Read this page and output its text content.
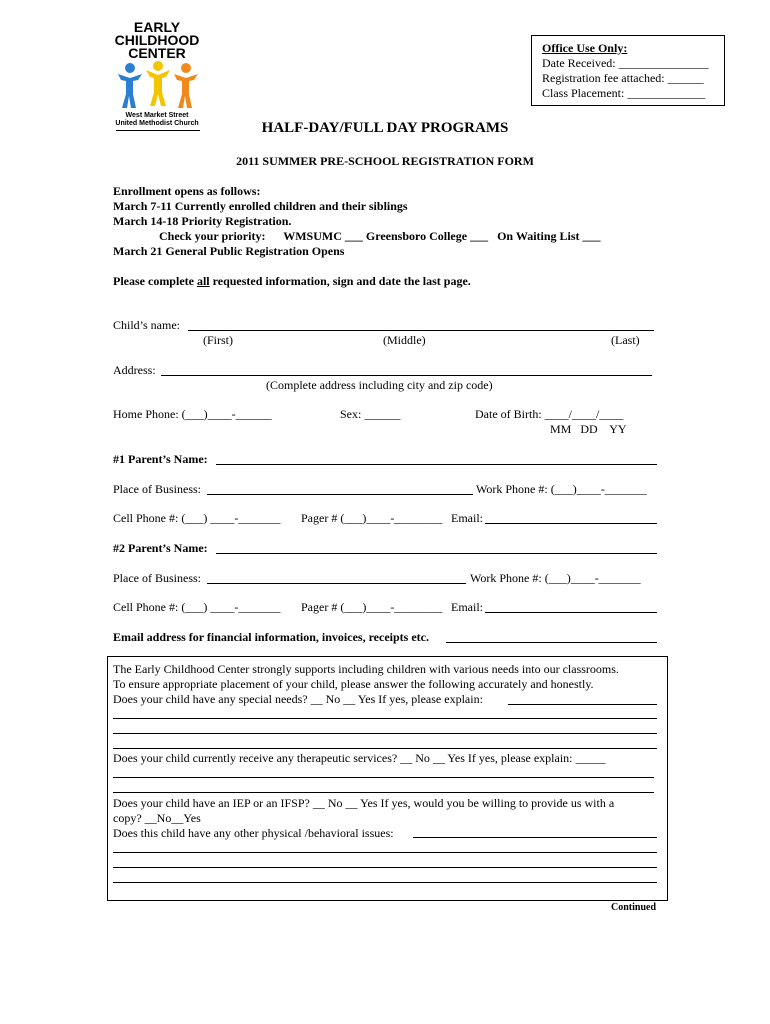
EARLY
CHILDHOOD
CENTER
West Market Street
United Methodist Church
Office Use Only:
Date Received: _______________
Registration fee attached: ______
Class Placement: _____________
HALF-DAY/FULL DAY PROGRAMS
2011 SUMMER PRE-SCHOOL REGISTRATION FORM
Enrollment opens as follows:
March 7-11 Currently enrolled children and their siblings
March 14-18 Priority Registration.
Check your priority:      WMSUMC ___ Greensboro College ___   On Waiting List ___
March 21 General Public Registration Opens
Please complete all requested information, sign and date the last page.
Child’s name:
(First)	(Middle)	(Last)
Address:
(Complete address including city and zip code)
Home Phone: (___)____-______	Sex: ______	Date of Birth: ____/____/____
MM   DD    YY
#1 Parent’s Name:
Place of Business:	Work Phone #: (___)____-_______
Cell Phone #: (___) ____-_______ Pager # (___)____-________ Email:
#2 Parent’s Name:
Place of Business:	Work Phone #: (___)____-_______
Cell Phone #: (___) ____-_______ Pager # (___)____-________ Email:
Email address for financial information, invoices, receipts etc.
The Early Childhood Center strongly supports including children with various needs into our classrooms.
To ensure appropriate placement of your child, please answer the following accurately and honestly.
Does your child have any special needs? __ No __ Yes If yes, please explain:
Does your child currently receive any therapeutic services? __ No __ Yes If yes, please explain: _____
Does your child have an IEP or an IFSP? __ No __ Yes If yes, would you be willing to provide us with a
copy? __No__Yes
Does this child have any other physical /behavioral issues:
Continued
